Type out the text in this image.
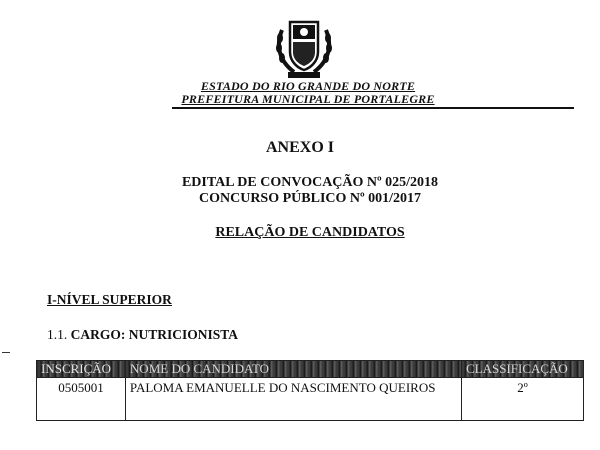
ESTADO DO RIO GRANDE DO NORTE
PREFEITURA MUNICIPAL DE PORTALEGRE
ANEXO I
EDITAL DE CONVOCAÇÃO Nº 025/2018
CONCURSO PÚBLICO Nº 001/2017
RELAÇÃO DE CANDIDATOS
I-NÍVEL SUPERIOR
1.1. CARGO: NUTRICIONISTA
INSCRIÇÃO	NOME DO CANDIDATO	CLASSIFICAÇÃO
0505001	PALOMA EMANUELLE DO NASCIMENTO QUEIROS	2º
